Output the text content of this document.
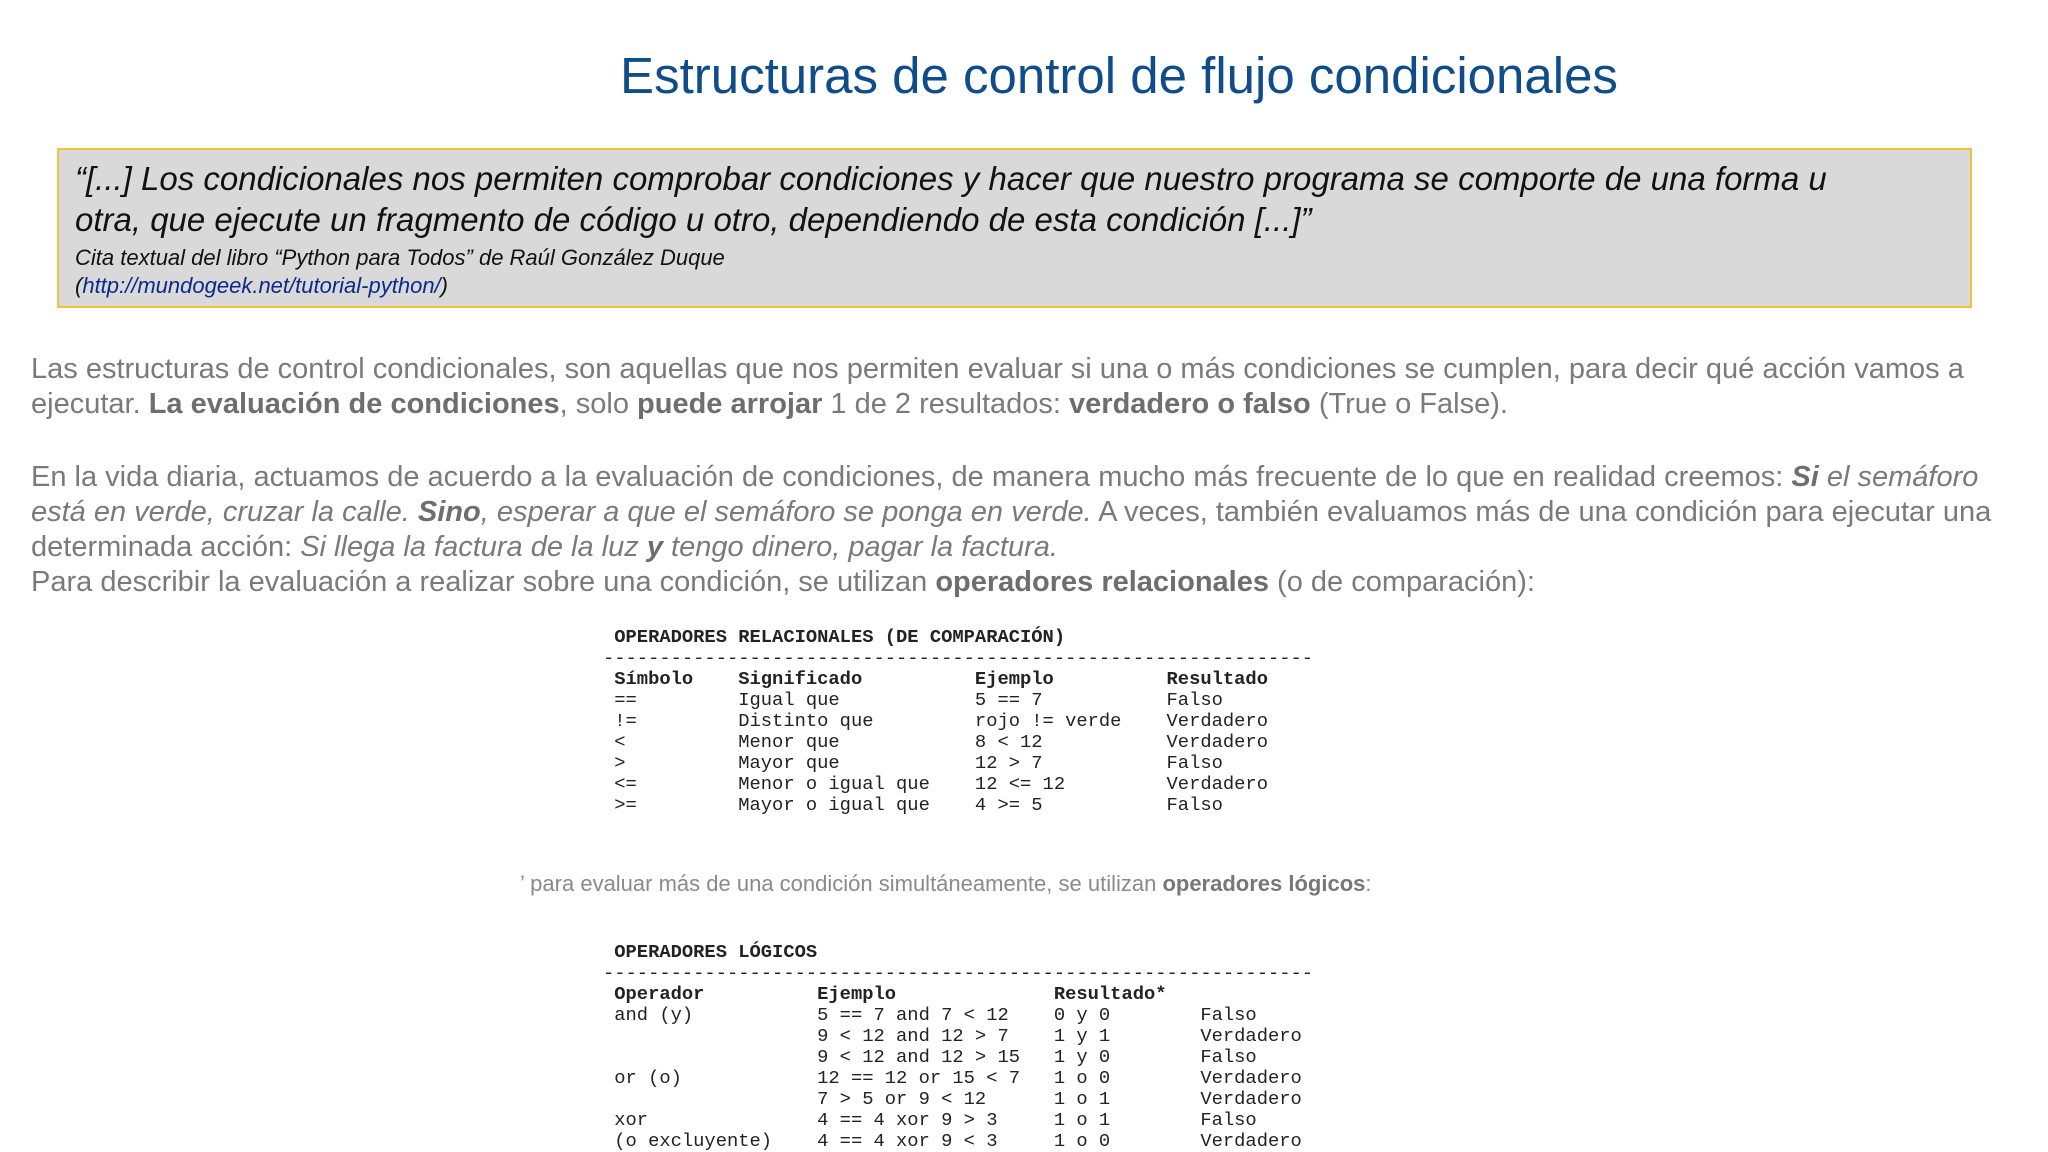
Estructuras de control de flujo condicionales

“[...] Los condicionales nos permiten comprobar condiciones y hacer que nuestro programa se comporte de una forma u
otra, que ejecute un fragmento de código u otro, dependiendo de esta condición [...]”

Cita textual del libro “Python para Todos” de Raúl González Duque

(http://mundogeek.net/tutorial-python/)

Las estructuras de control condicionales, son aquellas que nos permiten evaluar si una o más condiciones se cumplen, para decir qué acción vamos a ejecutar. La evaluación de condiciones, solo puede arrojar 1 de 2 resultados: verdadero o falso (True o False).

En la vida diaria, actuamos de acuerdo a la evaluación de condiciones, de manera mucho más frecuente de lo que en realidad creemos: Si el semáforo está en verde, cruzar la calle. Sino, esperar a que el semáforo se ponga en verde. A veces, también evaluamos más de una condición para ejecutar una determinada acción: Si llega la factura de la luz y tengo dinero, pagar la factura.
Para describir la evaluación a realizar sobre una condición, se utilizan operadores relacionales (o de comparación):

OPERADORES RELACIONALES (DE COMPARACIÓN)
---------------------------------------------------------------
Símbolo    Significado          Ejemplo          Resultado
==         Igual que            5 == 7           Falso
!=         Distinto que         rojo != verde    Verdadero
<          Menor que            8 < 12           Verdadero
>          Mayor que            12 > 7           Falso
<=         Menor o igual que    12 <= 12         Verdadero
>=         Mayor o igual que    4 >= 5           Falso

’ para evaluar más de una condición simultáneamente, se utilizan operadores lógicos:

OPERADORES LÓGICOS
---------------------------------------------------------------
Operador          Ejemplo              Resultado*
and (y)           5 == 7 and 7 < 12    0 y 0        Falso
9 < 12 and 12 > 7    1 y 1        Verdadero
9 < 12 and 12 > 15   1 y 0        Falso
or (o)            12 == 12 or 15 < 7   1 o 0        Verdadero
7 > 5 or 9 < 12      1 o 1        Verdadero
xor               4 == 4 xor 9 > 3     1 o 1        Falso
(o excluyente)    4 == 4 xor 9 < 3     1 o 0        Verdadero
